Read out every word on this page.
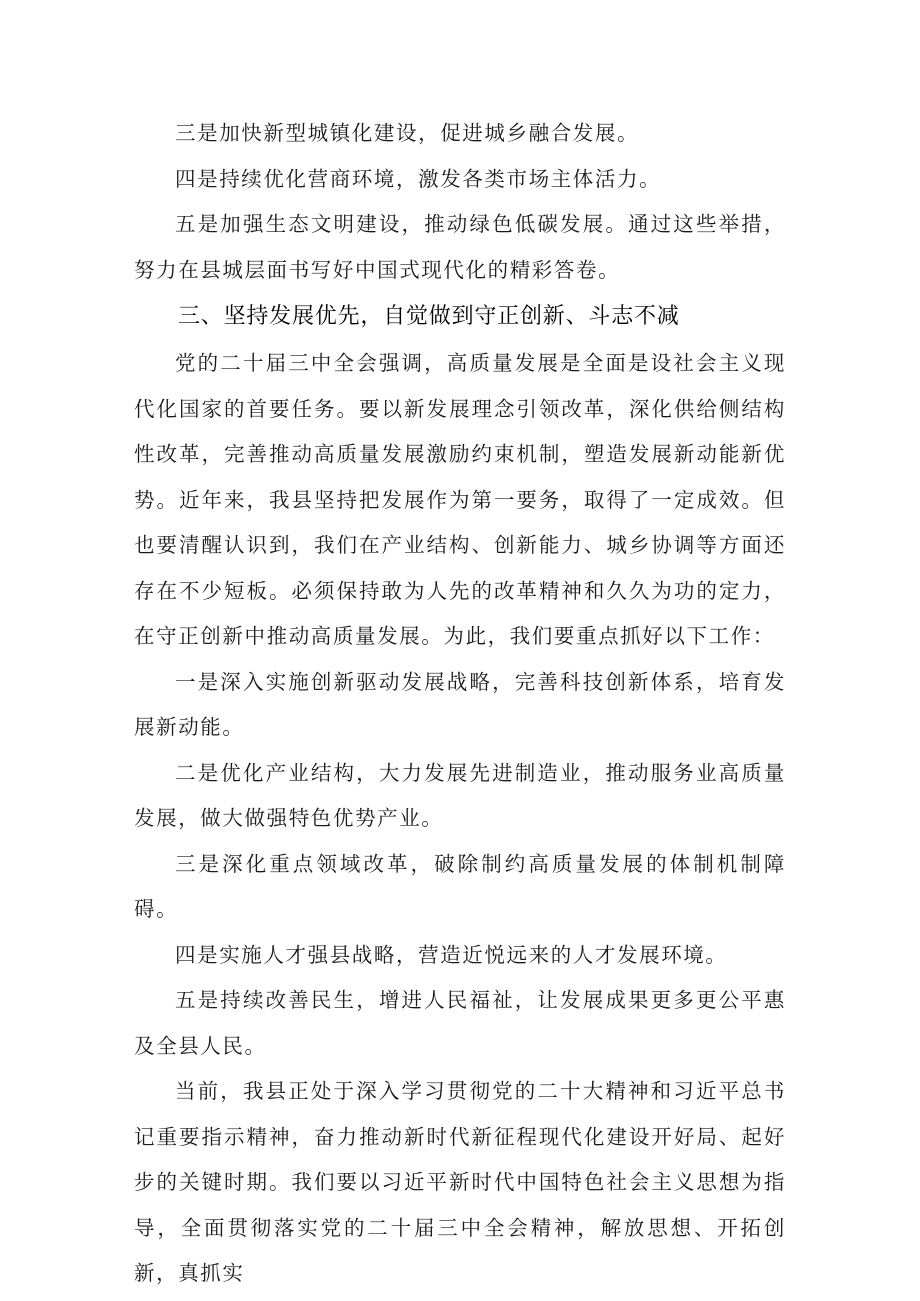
三是加快新型城镇化建设，促进城乡融合发展。

四是持续优化营商环境，激发各类市场主体活力。

五是加强生态文明建设，推动绿色低碳发展。通过这些举措，努力在县城层面书写好中国式现代化的精彩答卷。

三、坚持发展优先，自觉做到守正创新、斗志不减

党的二十届三中全会强调，高质量发展是全面是设社会主义现代化国家的首要任务。要以新发展理念引领改革，深化供给侧结构性改革，完善推动高质量发展激励约束机制，塑造发展新动能新优势。近年来，我县坚持把发展作为第一要务，取得了一定成效。但也要清醒认识到，我们在产业结构、创新能力、城乡协调等方面还存在不少短板。必须保持敢为人先的改革精神和久久为功的定力，在守正创新中推动高质量发展。为此，我们要重点抓好以下工作：

一是深入实施创新驱动发展战略，完善科技创新体系，培育发展新动能。

二是优化产业结构，大力发展先进制造业，推动服务业高质量发展，做大做强特色优势产业。

三是深化重点领域改革，破除制约高质量发展的体制机制障碍。

四是实施人才强县战略，营造近悦远来的人才发展环境。

五是持续改善民生，增进人民福祉，让发展成果更多更公平惠及全县人民。

当前，我县正处于深入学习贯彻党的二十大精神和习近平总书记重要指示精神，奋力推动新时代新征程现代化建设开好局、起好步的关键时期。我们要以习近平新时代中国特色社会主义思想为指导，全面贯彻落实党的二十届三中全会精神，解放思想、开拓创新，真抓实
